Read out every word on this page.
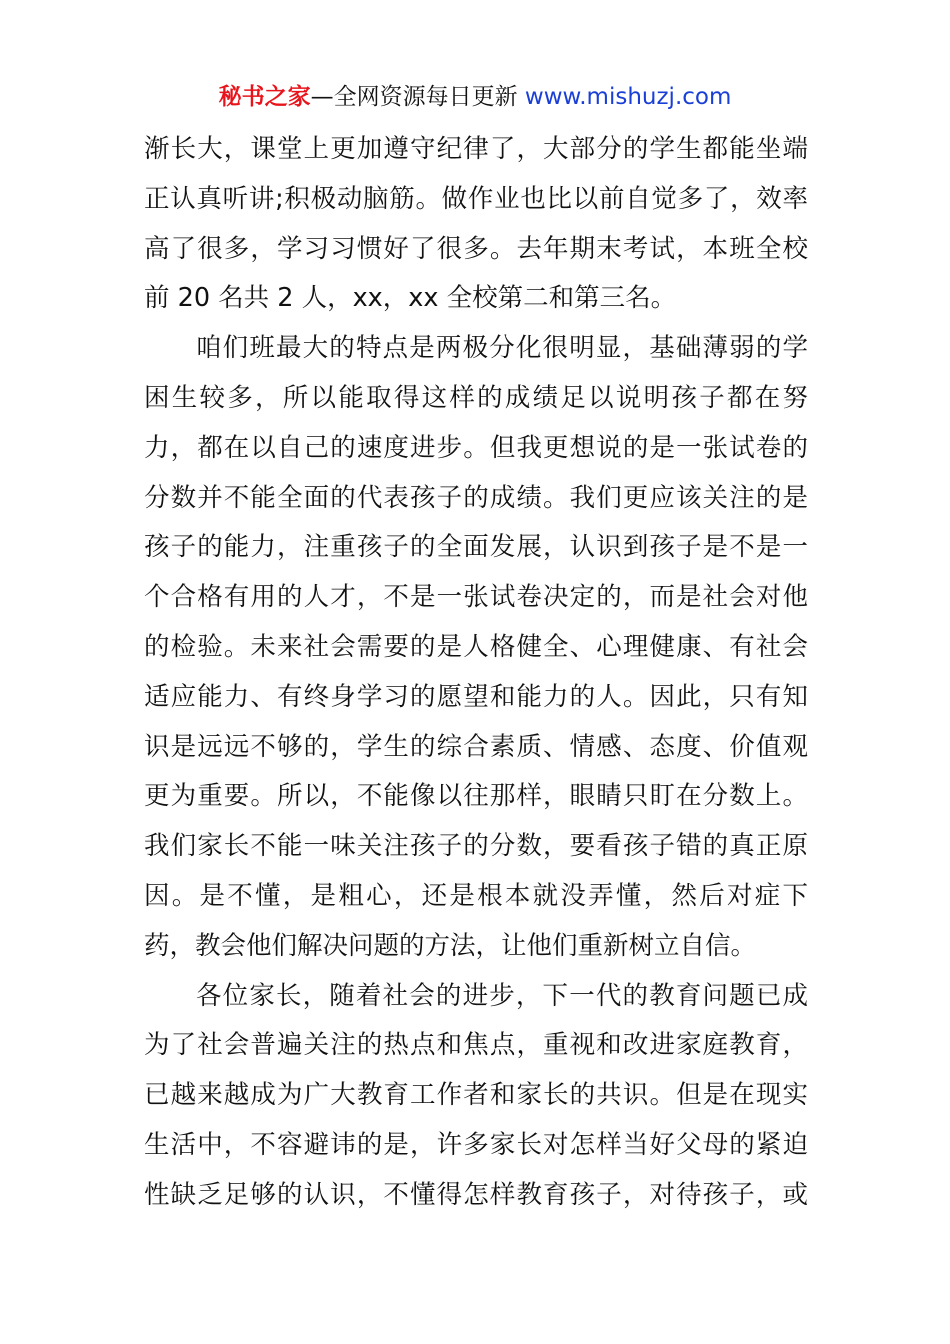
秘书之家—全网资源每日更新 www.mishuzj.com
渐长大，课堂上更加遵守纪律了，大部分的学生都能坐端
正认真听讲;积极动脑筋。做作业也比以前自觉多了，效率
高了很多，学习习惯好了很多。去年期末考试，本班全校
前 20 名共 2 人，xx，xx 全校第二和第三名。
咱们班最大的特点是两极分化很明显，基础薄弱的学
困生较多，所以能取得这样的成绩足以说明孩子都在努
力，都在以自己的速度进步。但我更想说的是一张试卷的
分数并不能全面的代表孩子的成绩。我们更应该关注的是
孩子的能力，注重孩子的全面发展，认识到孩子是不是一
个合格有用的人才，不是一张试卷决定的，而是社会对他
的检验。未来社会需要的是人格健全、心理健康、有社会
适应能力、有终身学习的愿望和能力的人。因此，只有知
识是远远不够的，学生的综合素质、情感、态度、价值观
更为重要。所以，不能像以往那样，眼睛只盯在分数上。
我们家长不能一味关注孩子的分数，要看孩子错的真正原
因。是不懂，是粗心，还是根本就没弄懂，然后对症下
药，教会他们解决问题的方法，让他们重新树立自信。
各位家长，随着社会的进步，下一代的教育问题已成
为了社会普遍关注的热点和焦点，重视和改进家庭教育，
已越来越成为广大教育工作者和家长的共识。但是在现实
生活中，不容避讳的是，许多家长对怎样当好父母的紧迫
性缺乏足够的认识，不懂得怎样教育孩子，对待孩子，或
